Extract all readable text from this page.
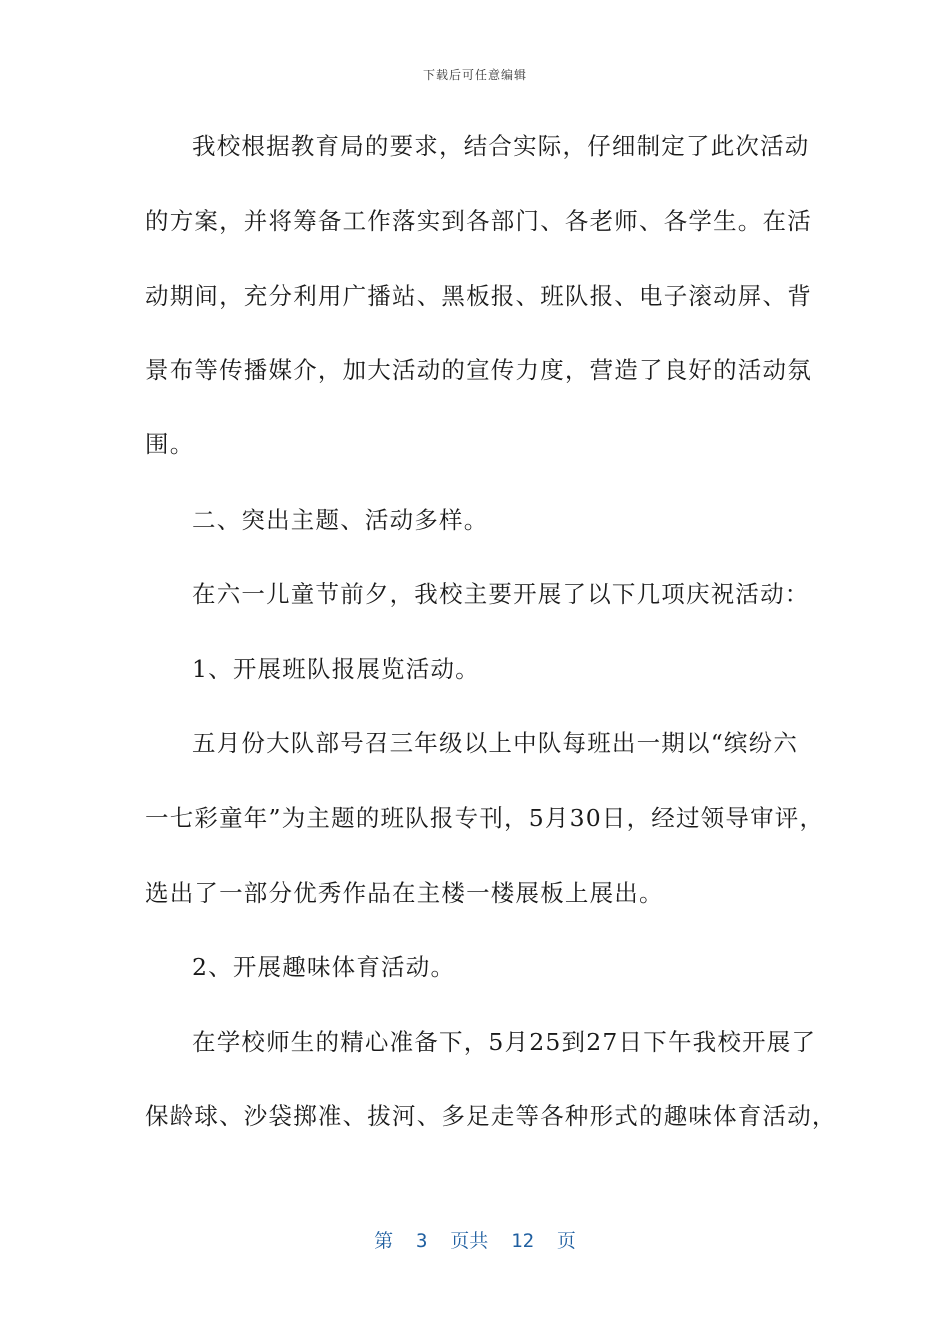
下载后可任意编辑
我校根据教育局的要求，结合实际，仔细制定了此次活动
的方案，并将筹备工作落实到各部门、各老师、各学生。在活
动期间，充分利用广播站、黑板报、班队报、电子滚动屏、背
景布等传播媒介，加大活动的宣传力度，营造了良好的活动氛
围。
二、突出主题、活动多样。
在六一儿童节前夕，我校主要开展了以下几项庆祝活动：
1、开展班队报展览活动。
五月份大队部号召三年级以上中队每班出一期以“缤纷六
一七彩童年”为主题的班队报专刊，5月30日，经过领导审评，
选出了一部分优秀作品在主楼一楼展板上展出。
2、开展趣味体育活动。
在学校师生的精心准备下，5月25到27日下午我校开展了
保龄球、沙袋掷准、拔河、多足走等各种形式的趣味体育活动，
第  3  页共  12  页
